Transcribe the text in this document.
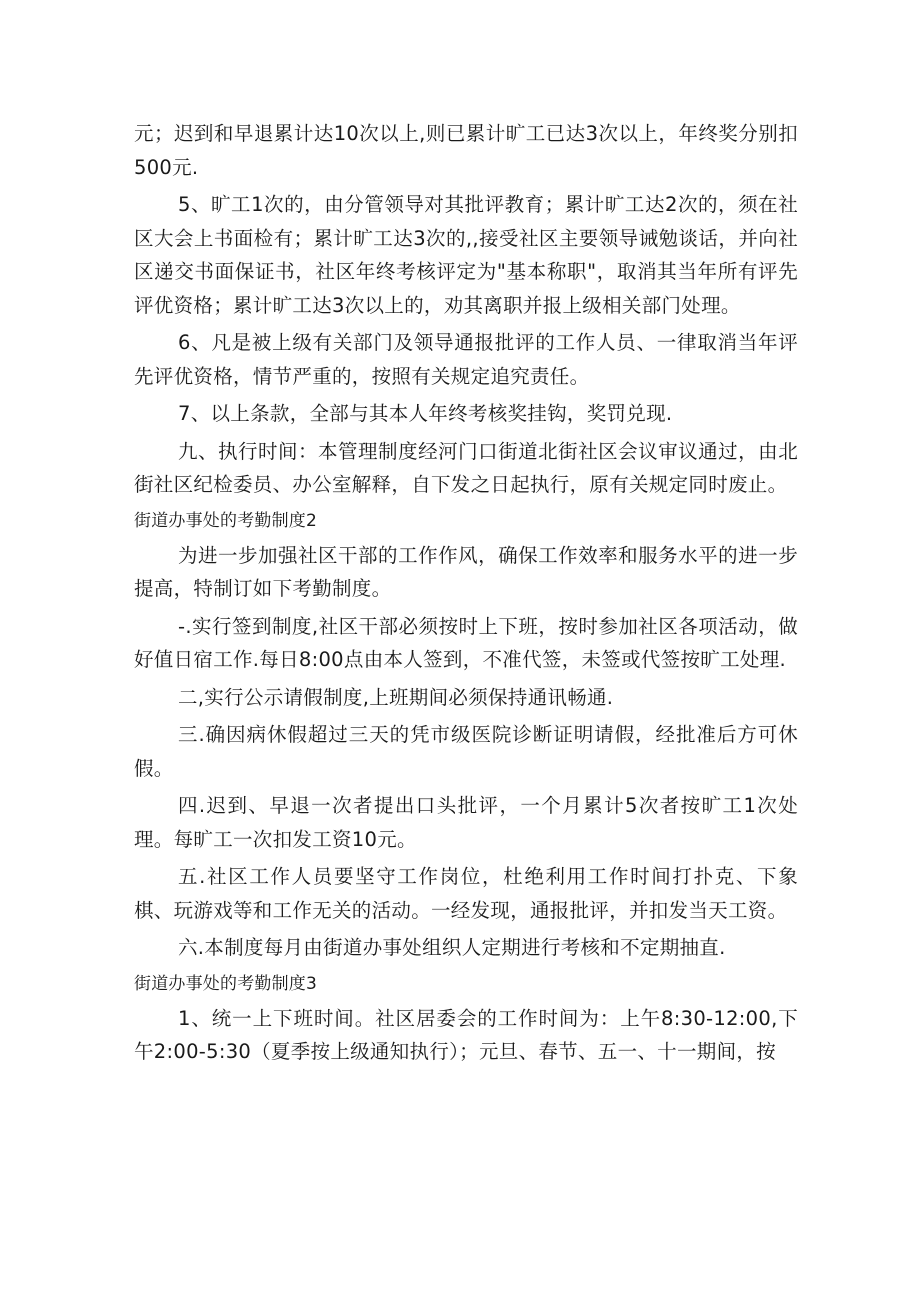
元；迟到和早退累计达10次以上,则已累计旷工已达3次以上，年终奖分别扣500元.

5、旷工1次的，由分管领导对其批评教育；累计旷工达2次的，须在社区大会上书面检有；累计旷工达3次的,,接受社区主要领导诫勉谈话，并向社区递交书面保证书，社区年终考核评定为"基本称职"，取消其当年所有评先评优资格；累计旷工达3次以上的，劝其离职并报上级相关部门处理。

6、凡是被上级有关部门及领导通报批评的工作人员、一律取消当年评先评优资格，情节严重的，按照有关规定追究责任。

7、以上条款，全部与其本人年终考核奖挂钩，奖罚兑现.

九、执行时间：本管理制度经河门口街道北街社区会议审议通过，由北街社区纪检委员、办公室解释，自下发之日起执行，原有关规定同时废止。

街道办事处的考勤制度2

为进一步加强社区干部的工作作风，确保工作效率和服务水平的进一步提高，特制订如下考勤制度。

-.实行签到制度,社区干部必须按时上下班，按时参加社区各项活动，做好值日宿工作.每日8:00点由本人签到，不准代签，未签或代签按旷工处理.

二,实行公示请假制度,上班期间必须保持通讯畅通.

三.确因病休假超过三天的凭市级医院诊断证明请假，经批准后方可休假。

四.迟到、早退一次者提出口头批评，一个月累计5次者按旷工1次处理。每旷工一次扣发工资10元。

五.社区工作人员要坚守工作岗位，杜绝利用工作时间打扑克、下象棋、玩游戏等和工作无关的活动。一经发现，通报批评，并扣发当天工资。

六.本制度每月由街道办事处组织人定期进行考核和不定期抽直.

街道办事处的考勤制度3

1、统一上下班时间。社区居委会的工作时间为：上午8:30-12:00,下午2:00-5:30（夏季按上级通知执行）；元旦、春节、五一、十一期间，按
